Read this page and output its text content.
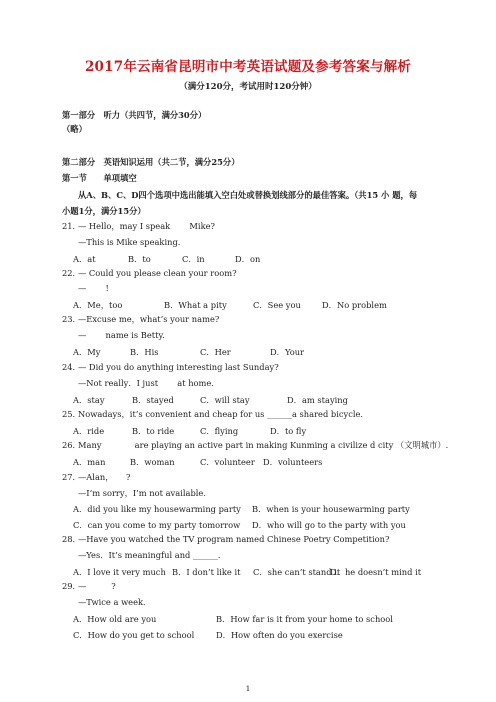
2017年云南省昆明市中考英语试题及参考答案与解析
（满分120分，考试用时120分钟）
第一部分　听力（共四节，满分30分）
（略）
第二部分　英语知识运用（共二节，满分25分）
第一节　　单项填空
从A、B、C、D四个选项中选出能填入空白处或替换划线部分的最佳答案。（共15 小 题，每
小题1分，满分15分）
21．
— Hello，may I speak　　 Mike?
—This is Mike speaking.
A．at	B．to	C．in	D．on
22．
— Could you please clean your room?
— 　　!
A．Me，too	B．What a pity	C．See you	D．No problem
23．
—Excuse me，what’s your name?
— 　　name is Betty.
A．My	B．His	C．Her	D．Your
24．
— Did you do anything interesting last Sunday?
—Not really．I just　　 at home．
A．stay	B．stayed	C．will stay	D．am staying
25．
Nowadays，it’s convenient and cheap for us ______a shared bicycle．
A．ride	B．to ride	C．flying	D．to fly
26．
Many　　　　are playing an active part in making Kunming a civilize d city （文明城市）.
A．man	B．woman	C．volunteer D．volunteers
27．
—Alan，　　?
—I’m sorry，I’m not available．
A．did you like my housewarming party B．when is your housewarming party
C．can you come to my party tomorrow D．who will go to the party with you
28．
—Have you watched the TV program named Chinese Poetry Competition?
—Yes．It’s meaningful and ______．
A．I love it very much B．I don’t like it C．she can’t stand it
D．he doesn’t mind it
29．
—　　　?
—Twice a week．
A．How old are you	B．How far is it from your home to school
C．How do you get to school	D．How often do you exercise
1
